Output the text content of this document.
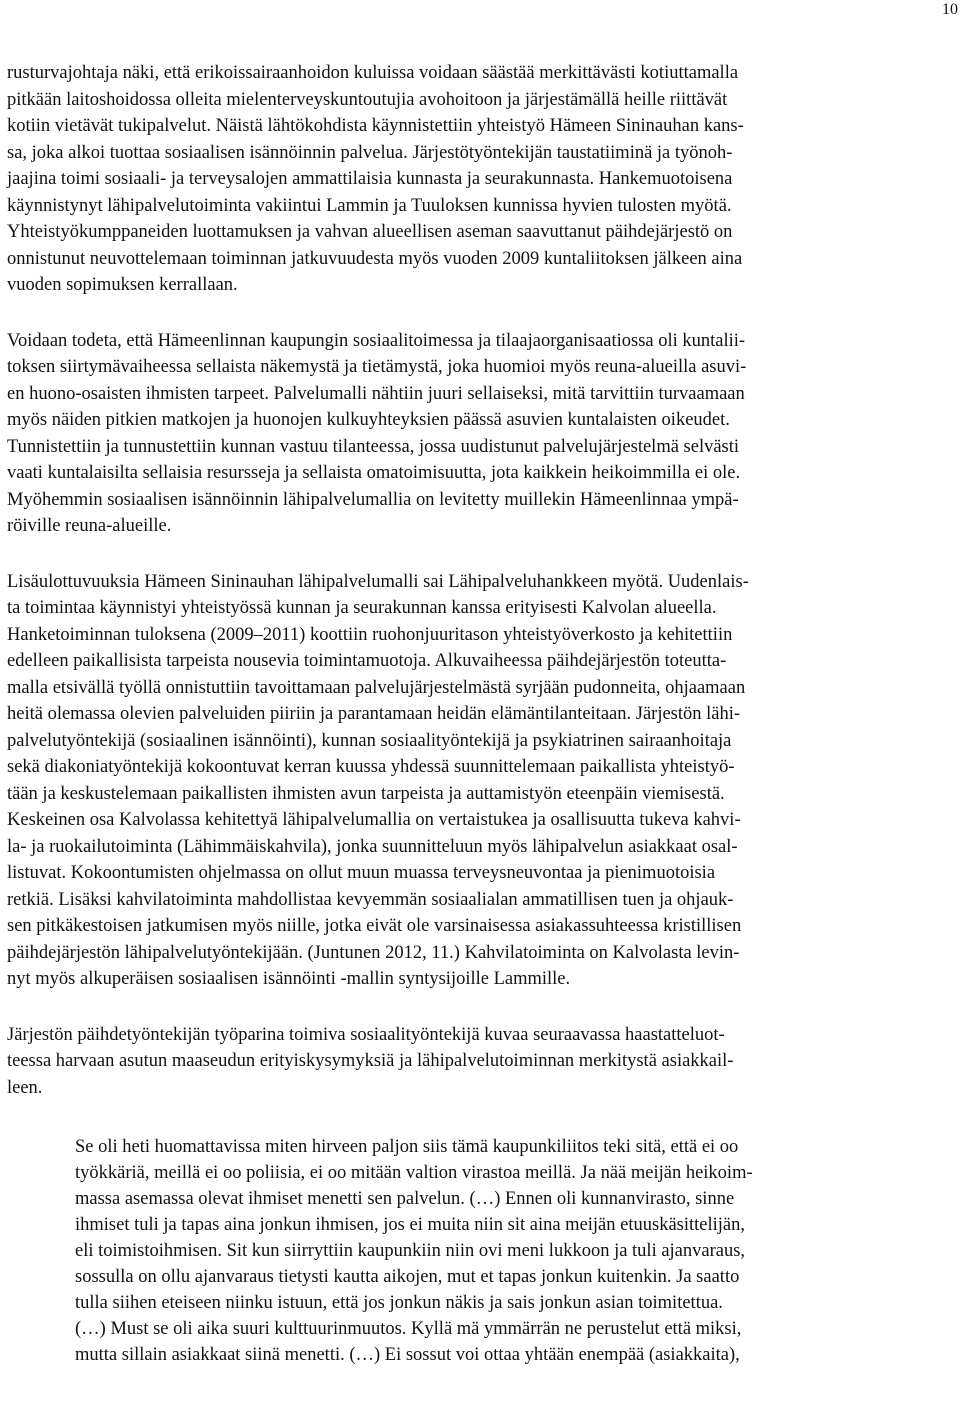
10

rusturvajohtaja näki, että erikoissairaanhoidon kuluissa voidaan säästää merkittävästi kotiuttamalla
pitkään laitoshoidossa olleita mielenterveyskuntoutujia avohoitoon ja järjestämällä heille riittävät
kotiin vietävät tukipalvelut. Näistä lähtökohdista käynnistettiin yhteistyö Hämeen Sininauhan kans-
sa, joka alkoi tuottaa sosiaalisen isännöinnin palvelua. Järjestötyöntekijän taustatiiminä ja työnoh-
jaajina toimi sosiaali- ja terveysalojen ammattilaisia kunnasta ja seurakunnasta. Hankemuotoisena
käynnistynyt lähipalvelutoiminta vakiintui Lammin ja Tuuloksen kunnissa hyvien tulosten myötä.
Yhteistyökumppaneiden luottamuksen ja vahvan alueellisen aseman saavuttanut päihdejärjestö on
onnistunut neuvottelemaan toiminnan jatkuvuudesta myös vuoden 2009 kuntaliitoksen jälkeen aina
vuoden sopimuksen kerrallaan.

Voidaan todeta, että Hämeenlinnan kaupungin sosiaalitoimessa ja tilaajaorganisaatiossa oli kuntalii-
toksen siirtymävaiheessa sellaista näkemystä ja tietämystä, joka huomioi myös reuna-alueilla asuvi-
en huono-osaisten ihmisten tarpeet. Palvelumalli nähtiin juuri sellaiseksi, mitä tarvittiin turvaamaan
myös näiden pitkien matkojen ja huonojen kulkuyhteyksien päässä asuvien kuntalaisten oikeudet.
Tunnistettiin ja tunnustettiin kunnan vastuu tilanteessa, jossa uudistunut palvelujärjestelmä selvästi
vaati kuntalaisilta sellaisia resursseja ja sellaista omatoimisuutta, jota kaikkein heikoimmilla ei ole.
Myöhemmin sosiaalisen isännöinnin lähipalvelumallia on levitetty muillekin Hämeenlinnaa ympä-
röiville reuna-alueille.

Lisäulottuvuuksia Hämeen Sininauhan lähipalvelumalli sai Lähipalveluhankkeen myötä. Uudenlais-
ta toimintaa käynnistyi yhteistyössä kunnan ja seurakunnan kanssa erityisesti Kalvolan alueella.
Hanketoiminnan tuloksena (2009–2011) koottiin ruohonjuuritason yhteistyöverkosto ja kehitettiin
edelleen paikallisista tarpeista nousevia toimintamuotoja. Alkuvaiheessa päihdejärjestön toteutta-
malla etsivällä työllä onnistuttiin tavoittamaan palvelujärjestelmästä syrjään pudonneita, ohjaamaan
heitä olemassa olevien palveluiden piiriin ja parantamaan heidän elämäntilanteitaan. Järjestön lähi-
palvelutyöntekijä (sosiaalinen isännöinti), kunnan sosiaalityöntekijä ja psykiatrinen sairaanhoitaja
sekä diakoniatyöntekijä kokoontuvat kerran kuussa yhdessä suunnittelemaan paikallista yhteistyö-
tään ja keskustelemaan paikallisten ihmisten avun tarpeista ja auttamistyön eteenpäin viemisestä.
Keskeinen osa Kalvolassa kehitettyä lähipalvelumallia on vertaistukea ja osallisuutta tukeva kahvi-
la- ja ruokailutoiminta (Lähimmäiskahvila), jonka suunnitteluun myös lähipalvelun asiakkaat osal-
listuvat. Kokoontumisten ohjelmassa on ollut muun muassa terveysneuvontaa ja pienimuotoisia
retkiä. Lisäksi kahvilatoiminta mahdollistaa kevyemmän sosiaalialan ammatillisen tuen ja ohjauk-
sen pitkäkestoisen jatkumisen myös niille, jotka eivät ole varsinaisessa asiakassuhteessa kristillisen
päihdejärjestön lähipalvelutyöntekijään. (Juntunen 2012, 11.) Kahvilatoiminta on Kalvolasta levin-
nyt myös alkuperäisen sosiaalisen isännöinti -mallin syntysijoille Lammille.

Järjestön päihdetyöntekijän työparina toimiva sosiaalityöntekijä kuvaa seuraavassa haastatteluot-
teessa harvaan asutun maaseudun erityiskysymyksiä ja lähipalvelutoiminnan merkitystä asiakkail-
leen.

Se oli heti huomattavissa miten hirveen paljon siis tämä kaupunkiliitos teki sitä, että ei oo
työkkäriä, meillä ei oo poliisia, ei oo mitään valtion virastoa meillä. Ja nää meijän heikoim-
massa asemassa olevat ihmiset menetti sen palvelun. (…) Ennen oli kunnanvirasto, sinne
ihmiset tuli ja tapas aina jonkun ihmisen, jos ei muita niin sit aina meijän etuuskäsittelijän,
eli toimistoihmisen. Sit kun siirryttiin kaupunkiin niin ovi meni lukkoon ja tuli ajanvaraus,
sossulla on ollu ajanvaraus tietysti kautta aikojen, mut et tapas jonkun kuitenkin. Ja saatto
tulla siihen eteiseen niinku istuun, että jos jonkun näkis ja sais jonkun asian toimitettua.
(…) Must se oli aika suuri kulttuurinmuutos. Kyllä mä ymmärrän ne perustelut että miksi,
mutta sillain asiakkaat siinä menetti. (…) Ei sossut voi ottaa yhtään enempää (asiakkaita),
